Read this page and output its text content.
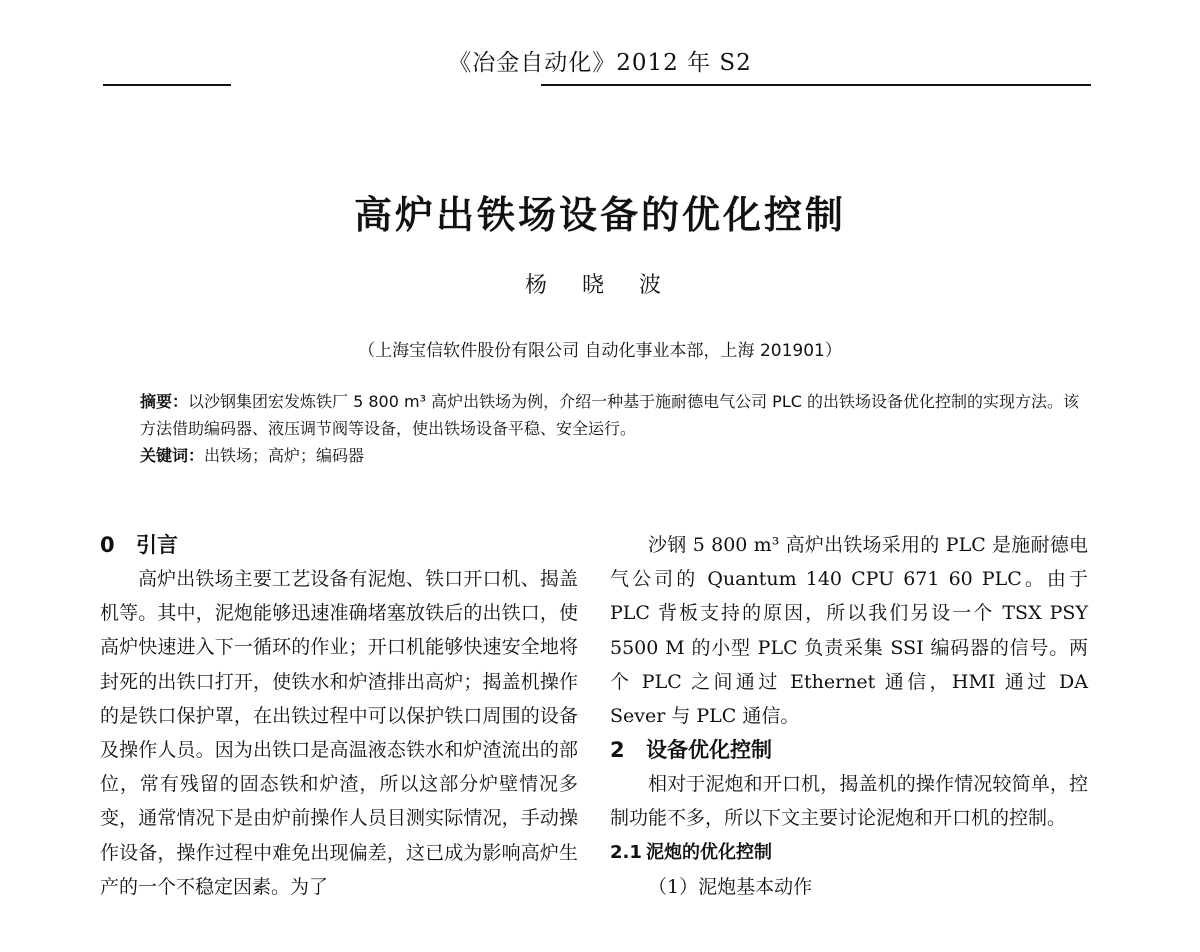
《冶金自动化》2012 年 S2
高炉出铁场设备的优化控制
杨 晓 波
（上海宝信软件股份有限公司 自动化事业本部，上海 201901）

摘要：以沙钢集团宏发炼铁厂 5 800 m³ 高炉出铁场为例，介绍一种基于施耐德电气公司 PLC 的出铁场设备优化控制的实现方法。该方法借助编码器、液压调节阀等设备，使出铁场设备平稳、安全运行。

关键词：出铁场；高炉；编码器

0 引言

高炉出铁场主要工艺设备有泥炮、铁口开口机、揭盖机等。其中，泥炮能够迅速准确堵塞放铁后的出铁口，使高炉快速进入下一循环的作业；开口机能够快速安全地将封死的出铁口打开，使铁水和炉渣排出高炉；揭盖机操作的是铁口保护罩，在出铁过程中可以保护铁口周围的设备及操作人员。因为出铁口是高温液态铁水和炉渣流出的部位，常有残留的固态铁和炉渣，所以这部分炉壁情况多变，通常情况下是由炉前操作人员目测实际情况，手动操作设备，操作过程中难免出现偏差，这已成为影响高炉生产的一个不稳定因素。为了

沙钢 5 800 m³ 高炉出铁场采用的 PLC 是施耐德电气公司的 Quantum 140 CPU 671 60 PLC。由于 PLC 背板支持的原因，所以我们另设一个 TSX PSY 5500 M 的小型 PLC 负责采集 SSI 编码器的信号。两个 PLC 之间通过 Ethernet 通信，HMI 通过 DA Sever 与 PLC 通信。

2 设备优化控制

相对于泥炮和开口机，揭盖机的操作情况较简单，控制功能不多，所以下文主要讨论泥炮和开口机的控制。

2.1 泥炮的优化控制

（1）泥炮基本动作
